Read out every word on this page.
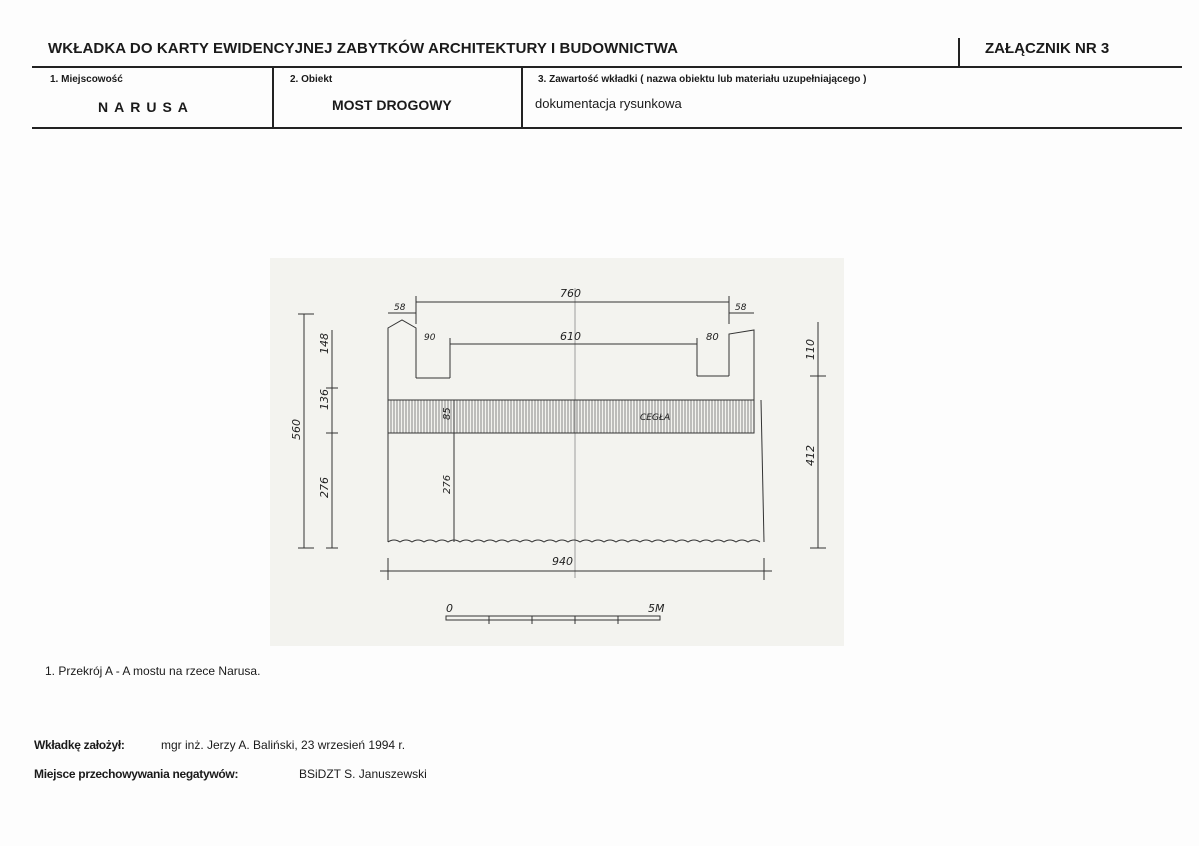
WKŁADKA DO KARTY EWIDENCYJNEJ ZABYTKÓW ARCHITEKTURY I BUDOWNICTWA	ZAŁĄCZNIK NR 3
1. Miejscowość
NARUSA
2. Obiekt
MOST DROGOWY
3. Zawartość wkładki ( nazwa obiektu lub materiału uzupełniającego )
dokumentacja rysunkowa
760
58	58
610
90	80
CEGŁA
940
0	5M
560
148
136
276
85
276
110
412
1. Przekrój A - A mostu na rzece Narusa.
Wkładkę założył:	mgr inż. Jerzy A. Baliński, 23 wrzesień 1994 r.
Miejsce przechowywania negatywów:	BSiDZT S. Januszewski
